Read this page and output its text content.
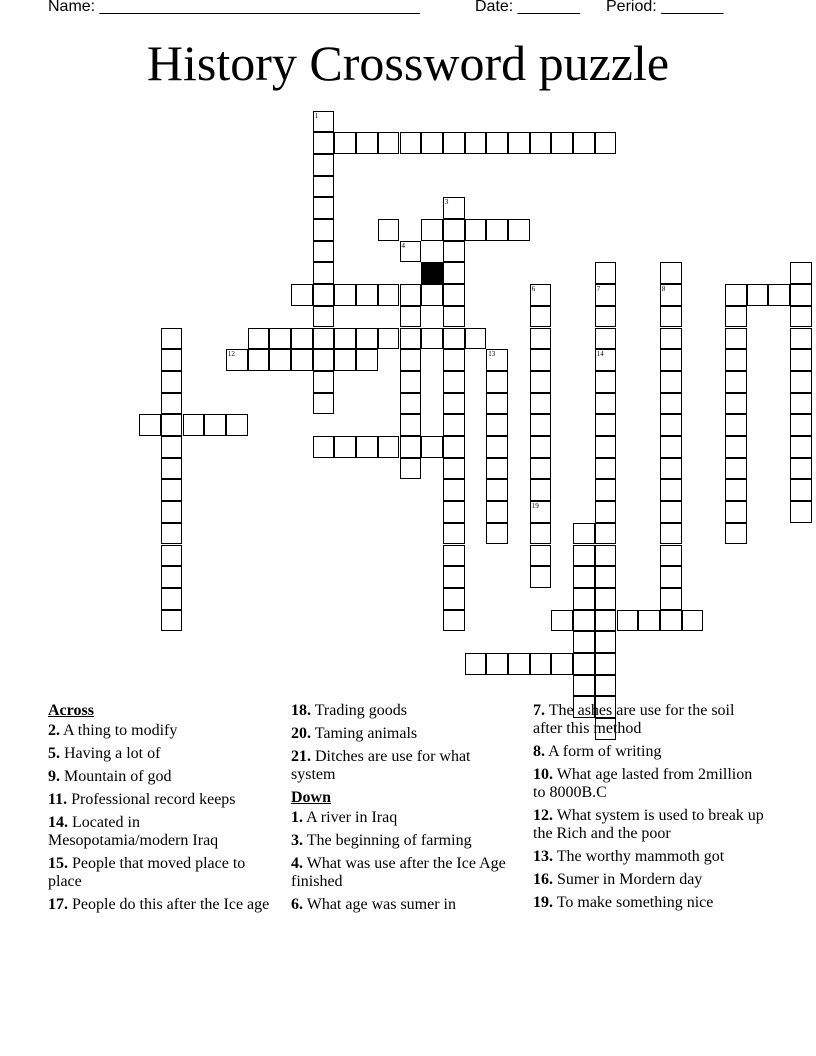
Name: ____________________________________	Date: _______ Period: _______
History Crossword puzzle
1
3
4
19
13
6	7
14
8
12
Across
2. A thing to modify
5. Having a lot of
9. Mountain of god
11. Professional record keeps
14. Located in Mesopotamia/modern Iraq
15. People that moved place to place
17. People do this after the Ice age
18. Trading goods
20. Taming animals
21. Ditches are use for what system
Down
1. A river in Iraq
3. The beginning of farming
4. What was use after the Ice Age finished
6. What age was sumer in
7. The ashes are use for the soil after this method
8. A form of writing
10. What age lasted from 2million to 8000B.C
12. What system is used to break up the Rich and the poor
13. The worthy mammoth got
16. Sumer in Mordern day
19. To make something nice
